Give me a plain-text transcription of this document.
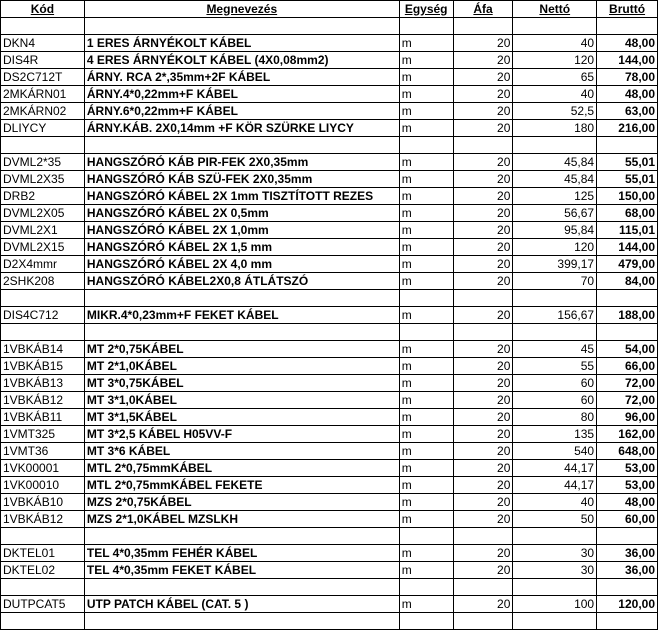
Kód	Megnevezés	Egység	Áfa	Nettó	Bruttó

DKN4	1 ERES ÁRNYÉKOLT KÁBEL	m	20	40	48,00
DIS4R	4 ERES ÁRNYÉKOLT KÁBEL (4X0,08mm2)	m	20	120	144,00
DS2C712T	ÁRNY. RCA 2*,35mm+2F KÁBEL	m	20	65	78,00
2MKÁRN01	ÁRNY.4*0,22mm+F KÁBEL	m	20	40	48,00
2MKÁRN02	ÁRNY.6*0,22mm+F KÁBEL	m	20	52,5	63,00
DLIYCY	ÁRNY.KÁB. 2X0,14mm +F KÖR SZÜRKE LIYCY	m	20	180	216,00

DVML2*35	HANGSZÓRÓ KÁB PIR-FEK 2X0,35mm	m	20	45,84	55,01
DVML2X35	HANGSZÓRÓ KÁB SZÜ-FEK 2X0,35mm	m	20	45,84	55,01
DRB2	HANGSZÓRÓ KÁBEL 2X 1mm TISZTÍTOTT REZES	m	20	125	150,00
DVML2X05	HANGSZÓRÓ KÁBEL 2X 0,5mm	m	20	56,67	68,00
DVML2X1	HANGSZÓRÓ KÁBEL 2X 1,0mm	m	20	95,84	115,01
DVML2X15	HANGSZÓRÓ KÁBEL 2X 1,5 mm	m	20	120	144,00
D2X4mmr	HANGSZÓRÓ KÁBEL 2X 4,0 mm	m	20	399,17	479,00
2SHK208	HANGSZÓRÓ KÁBEL2X0,8 ÁTLÁTSZÓ	m	20	70	84,00

DIS4C712	MIKR.4*0,23mm+F FEKET KÁBEL	m	20	156,67	188,00

1VBKÁB14	MT 2*0,75KÁBEL	m	20	45	54,00
1VBKÁB15	MT 2*1,0KÁBEL	m	20	55	66,00
1VBKÁB13	MT 3*0,75KÁBEL	m	20	60	72,00
1VBKÁB12	MT 3*1,0KÁBEL	m	20	60	72,00
1VBKÁB11	MT 3*1,5KÁBEL	m	20	80	96,00
1VMT325	MT 3*2,5 KÁBEL H05VV-F	m	20	135	162,00
1VMT36	MT 3*6 KÁBEL	m	20	540	648,00
1VK00001	MTL 2*0,75mmKÁBEL	m	20	44,17	53,00
1VK00010	MTL 2*0,75mmKÁBEL FEKETE	m	20	44,17	53,00
1VBKÁB10	MZS 2*0,75KÁBEL	m	20	40	48,00
1VBKÁB12	MZS 2*1,0KÁBEL MZSLKH	m	20	50	60,00

DKTEL01	TEL 4*0,35mm FEHÉR KÁBEL	m	20	30	36,00
DKTEL02	TEL 4*0,35mm FEKET KÁBEL	m	20	30	36,00

DUTPCAT5	UTP PATCH KÁBEL (CAT. 5 )	m	20	100	120,00
